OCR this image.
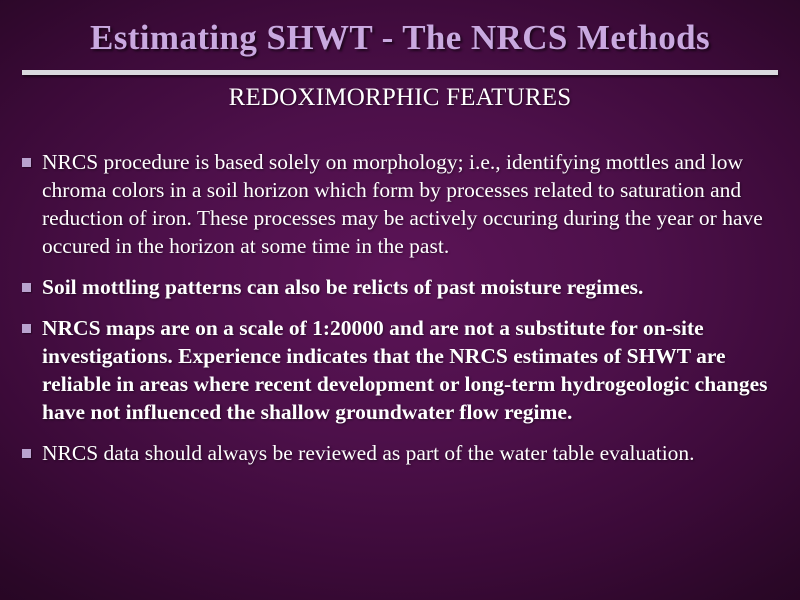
Estimating SHWT - The NRCS Methods
REDOXIMORPHIC FEATURES
NRCS procedure is based solely on morphology; i.e., identifying mottles and low chroma colors in a soil horizon which form by processes related to saturation and reduction of iron. These processes may be actively occuring during the year or have occured in the horizon at some time in the past.
Soil mottling patterns can also be relicts of past moisture regimes.
NRCS maps are on a scale of 1:20000 and are not a substitute for on-site investigations. Experience indicates that the NRCS estimates of SHWT are reliable in areas where recent development or long-term hydrogeologic changes have not influenced the shallow groundwater flow regime.
NRCS data should always be reviewed as part of the water table evaluation.
